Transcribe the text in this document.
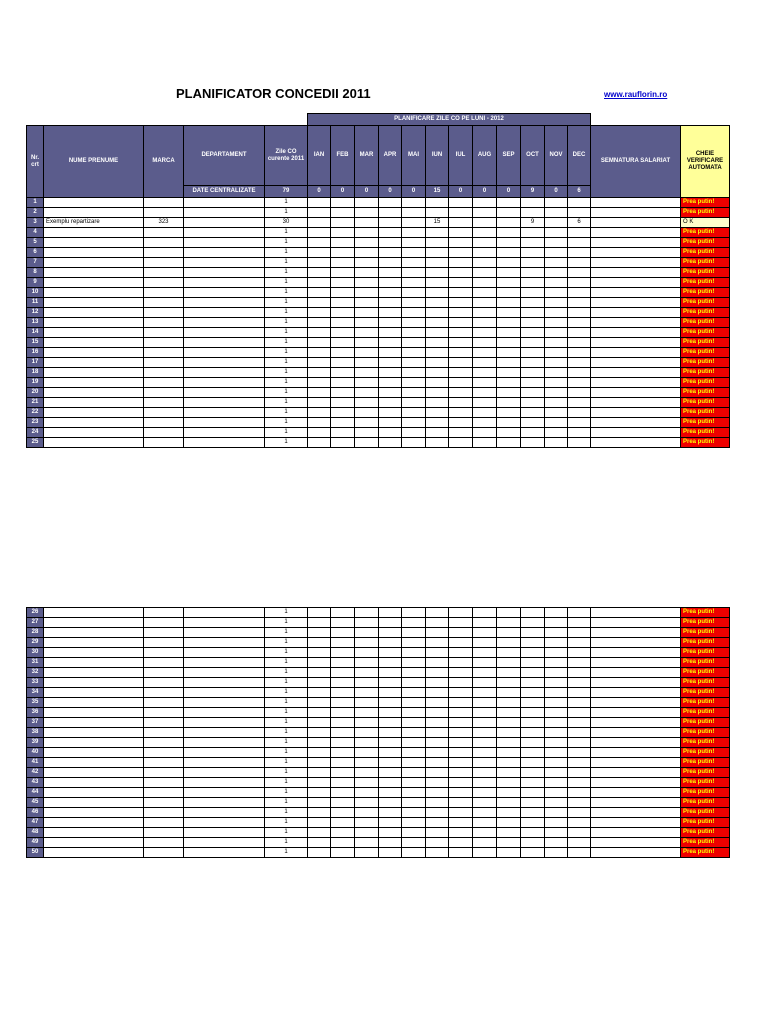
PLANIFICATOR CONCEDII 2011	www.rauflorin.ro
					PLANIFICARE ZILE CO PE LUNI - 2012													
Nr. crt	NUME PRENUME	MARCA	DEPARTAMENT	Zile CO curente 2011	IAN	FEB	MAR	APR	MAI	IUN	IUL	AUG	SEP	OCT	NOV	DEC	SEMNATURA SALARIAT	CHEIE VERIFICARE AUTOMATA
			DATE CENTRALIZATE	79	0	0	0	0	0	15	0	0	0	9	0	6		
1				1														Prea putin!
2				1														Prea putin!
3	Exemplu repartizare	323		30						15				9		6		O K
4				1														Prea putin!
5				1														Prea putin!
6				1														Prea putin!
7				1														Prea putin!
8				1														Prea putin!
9				1														Prea putin!
10				1														Prea putin!
11				1														Prea putin!
12				1														Prea putin!
13				1														Prea putin!
14				1														Prea putin!
15				1														Prea putin!
16				1														Prea putin!
17				1														Prea putin!
18				1														Prea putin!
19				1														Prea putin!
20				1														Prea putin!
21				1														Prea putin!
22				1														Prea putin!
23				1														Prea putin!
24				1														Prea putin!
25				1														Prea putin!
26				1														Prea putin!
27				1														Prea putin!
28				1														Prea putin!
29				1														Prea putin!
30				1														Prea putin!
31				1														Prea putin!
32				1														Prea putin!
33				1														Prea putin!
34				1														Prea putin!
35				1														Prea putin!
36				1														Prea putin!
37				1														Prea putin!
38				1														Prea putin!
39				1														Prea putin!
40				1														Prea putin!
41				1														Prea putin!
42				1														Prea putin!
43				1														Prea putin!
44				1														Prea putin!
45				1														Prea putin!
46				1														Prea putin!
47				1														Prea putin!
48				1														Prea putin!
49				1														Prea putin!
50				1														Prea putin!
